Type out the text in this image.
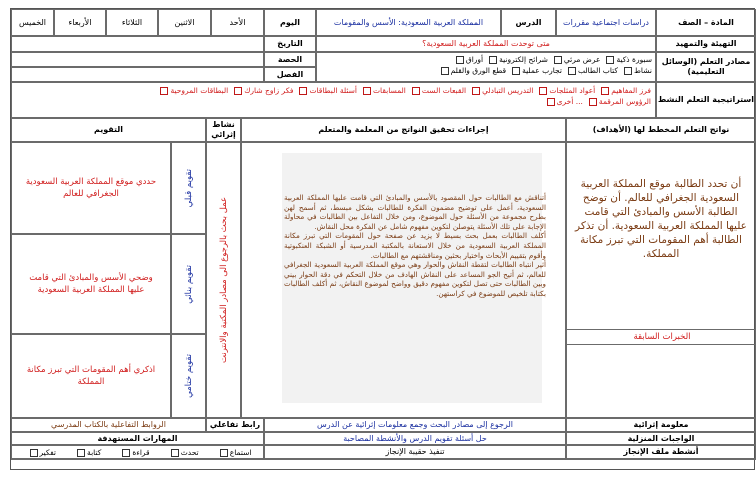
المادة – الصف
دراسات اجتماعية مقررات
الدرس
المملكة العربية السعودية: الأسس والمقومات
اليوم
الأحد
الاثنين
الثلاثاء
الأربعاء
الخميس
التهيئة والتمهيد
متى توحدت المملكة العربية السعودية؟
التاريخ
مصادر التعلم (الوسائل التعليمية)
سبورة ذكية
عرض مرئي
شرائح إلكترونية
أوراق
نشاط
كتاب الطالب
تجارب عملية
قطع الورق والقلم
الحصة
الفصل
استراتيجية التعلم النشط
فرز المفاهيم
أعواد المثلجات
التدريس التبادلي
القبعات الست
المسابقات
أسئلة البطاقات
فكر زاوج شارك
البطاقات المروحية
الرؤوس المرقمة
أخرى ...
نواتج التعلم المخطط لها (الأهداف)
إجراءات تحقيق النواتج من المعلمة والمتعلم
نشاط إثرائي
التقويم
أن تحدد الطالبة موقع المملكة العربية السعودية الجغرافي للعالم. أن توضح الطالبة الأسس والمبادئ التي قامت عليها المملكة العربية السعودية. أن تذكر الطالبة أهم المقومات التي تبرز مكانة المملكة.
الخبرات السابقة
أتناقش مع الطالبات حول المقصود بالأسس والمبادئ التي قامت عليها المملكة العربية السعودية، أعمل على توضيح مضمون الفكرة للطالبات بشكل مبسط، ثم أسمح لهن بطرح مجموعة من الأسئلة حول الموضوع، ومن خلال التفاعل بين الطالبات في محاولة الإجابة على تلك الأسئلة يتوصلن لتكوين مفهوم شامل عن الفكرة محل النقاش.
أكلف الطالبات بعمل بحث بسيط لا يزيد عن صفحة حول المقومات التي تبرز مكانة المملكة العربية السعودية من خلال الاستعانة بالمكتبة المدرسية أو الشبكة العنكبوتية وأقوم بتقييم الأبحاث واختيار بحثين ومناقشتهم مع الطالبات.
أثير انتباه الطالبات لتقطة النقاش والحوار وهي موقع المملكة العربية السعودية الجغرافي للعالم، ثم أتيح الجو المساعد على النقاش الهادف من خلال التحكم في دقة الحوار بيني وبين الطالبات حتى تصل لتكوين مفهوم دقيق وواضح لموضوع النقاش، ثم أكلف الطالبات بكتابة تلخيص للموضوع في كراستهن.
عمل بحث بالرجوع الى مصادر المكتبة والانترنت
تقويم قبلي
حددي موقع المملكة العربية السعودية الجغرافي للعالم
تقويم بنائي
وضحي الأسس والمبادئ التي قامت عليها المملكة العربية السعودية
تقويم ختامي
اذكري أهم المقومات التي تبرز مكانة المملكة
معلومة إثرائية
الرجوع إلى مصادر البحث وجمع معلومات إثرائية عن الدرس
رابط تفاعلي
الروابط التفاعلية بالكتاب المدرسي
الواجبات المنزلية
حل أسئلة تقويم الدرس والأنشطة المصاحبة
المهارات المستهدفة
أنشطة ملف الإنجاز
تنفيذ حقيبة الإنجاز
استماع
تحدث
قراءة
كتابة
تفكير
